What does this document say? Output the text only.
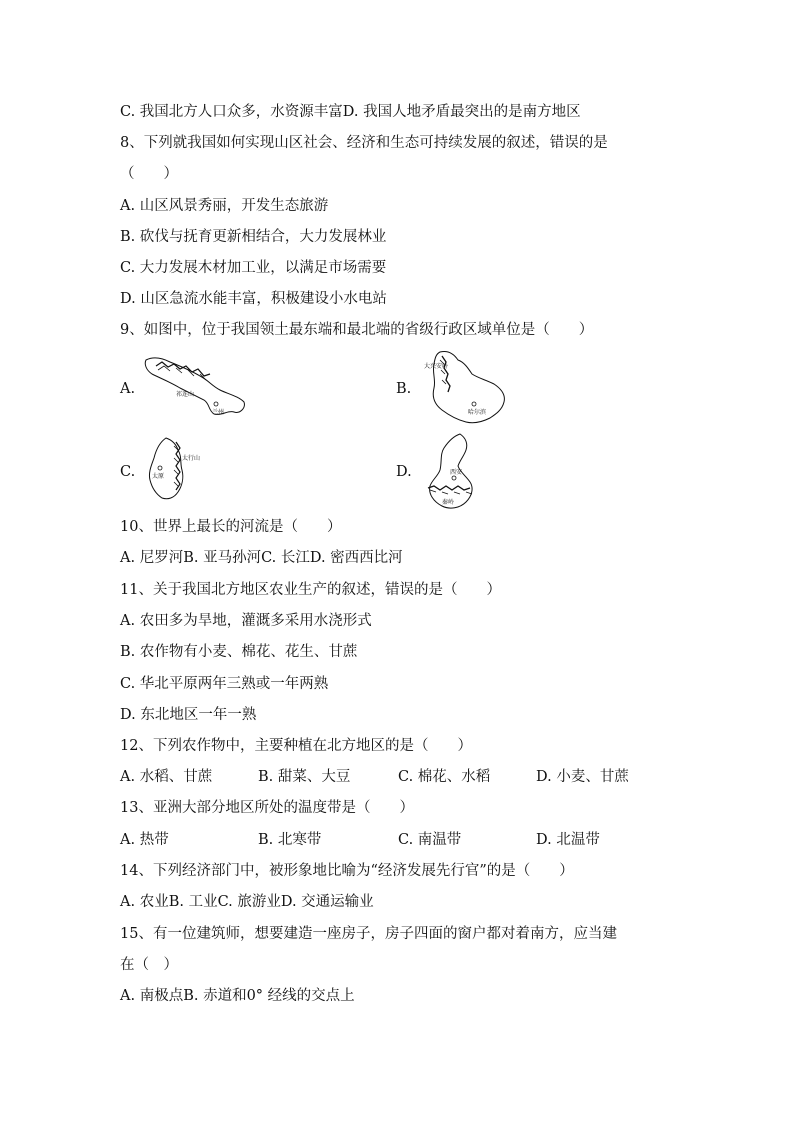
C. 我国北方人口众多，水资源丰富D. 我国人地矛盾最突出的是南方地区
8、下列就我国如何实现山区社会、经济和生态可持续发展的叙述，错误的是
（　　）
A. 山区风景秀丽，开发生态旅游
B. 砍伐与抚育更新相结合，大力发展林业
C. 大力发展木材加工业，以满足市场需要
D. 山区急流水能丰富，积极建设小水电站
9、如图中，位于我国领土最东端和最北端的省级行政区域单位是（　　）
A.	祁连山
兰州
B.
大兴安岭
哈尔滨
C.
太行山
太原	D.	西安
秦岭
10、世界上最长的河流是（　　）
A. 尼罗河B. 亚马孙河C. 长江D. 密西西比河
11、关于我国北方地区农业生产的叙述，错误的是（　　）
A. 农田多为旱地，灌溉多采用水浇形式
B. 农作物有小麦、棉花、花生、甘蔗
C. 华北平原两年三熟或一年两熟
D. 东北地区一年一熟
12、下列农作物中，主要种植在北方地区的是（　　）
A. 水稻、甘蔗	B. 甜菜、大豆	C. 棉花、水稻	D. 小麦、甘蔗
13、亚洲大部分地区所处的温度带是（　　）
A. 热带	B. 北寒带	C. 南温带	D. 北温带
14、下列经济部门中，被形象地比喻为“经济发展先行官”的是（　　）
A. 农业B. 工业C. 旅游业D. 交通运输业
15、有一位建筑师，想要建造一座房子，房子四面的窗户都对着南方，应当建
在（　）
A. 南极点B. 赤道和0° 经线的交点上
